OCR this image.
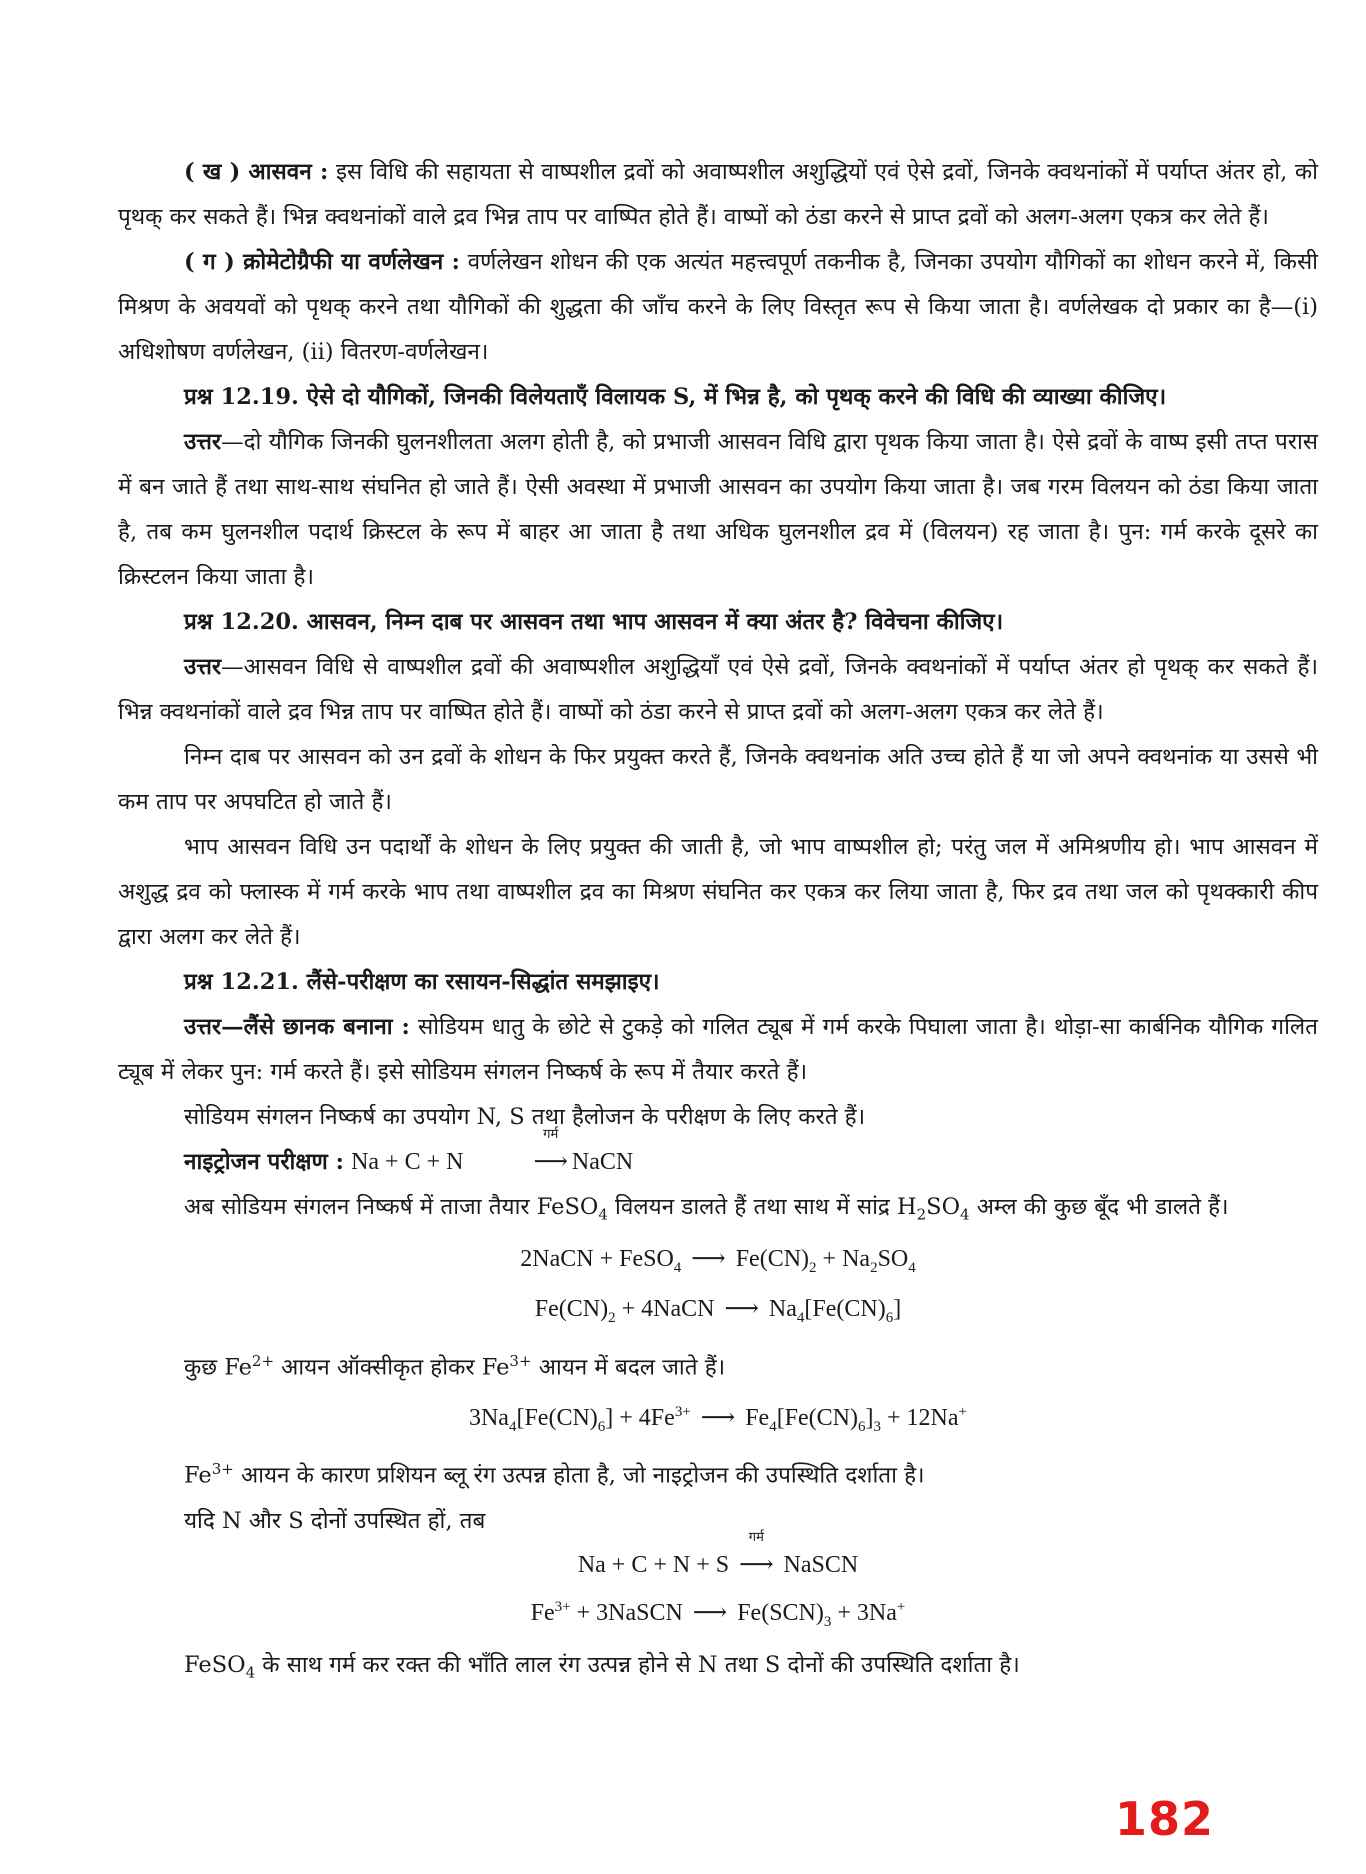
( ख ) आसवन : इस विधि की सहायता से वाष्पशील द्रवों को अवाष्पशील अशुद्धियों एवं ऐसे द्रवों, जिनके क्वथनांकों में पर्याप्त अंतर हो, को पृथक् कर सकते हैं। भिन्न क्वथनांकों वाले द्रव भिन्न ताप पर वाष्पित होते हैं। वाष्पों को ठंडा करने से प्राप्त द्रवों को अलग-अलग एकत्र कर लेते हैं।

( ग ) क्रोमेटोग्रैफी या वर्णलेखन : वर्णलेखन शोधन की एक अत्यंत महत्त्वपूर्ण तकनीक है, जिनका उपयोग यौगिकों का शोधन करने में, किसी मिश्रण के अवयवों को पृथक् करने तथा यौगिकों की शुद्धता की जाँच करने के लिए विस्तृत रूप से किया जाता है। वर्णलेखक दो प्रकार का है—(i) अधिशोषण वर्णलेखन, (ii) वितरण-वर्णलेखन।

प्रश्न 12.19. ऐसे दो यौगिकों, जिनकी विलेयताएँ विलायक S, में भिन्न है, को पृथक् करने की विधि की व्याख्या कीजिए।

उत्तर—दो यौगिक जिनकी घुलनशीलता अलग होती है, को प्रभाजी आसवन विधि द्वारा पृथक किया जाता है। ऐसे द्रवों के वाष्प इसी तप्त परास में बन जाते हैं तथा साथ-साथ संघनित हो जाते हैं। ऐसी अवस्था में प्रभाजी आसवन का उपयोग किया जाता है। जब गरम विलयन को ठंडा किया जाता है, तब कम घुलनशील पदार्थ क्रिस्टल के रूप में बाहर आ जाता है तथा अधिक घुलनशील द्रव में (विलयन) रह जाता है। पुन: गर्म करके दूसरे का क्रिस्टलन किया जाता है।

प्रश्न 12.20. आसवन, निम्न दाब पर आसवन तथा भाप आसवन में क्या अंतर है? विवेचना कीजिए।

उत्तर—आसवन विधि से वाष्पशील द्रवों की अवाष्पशील अशुद्धियाँ एवं ऐसे द्रवों, जिनके क्वथनांकों में पर्याप्त अंतर हो पृथक् कर सकते हैं। भिन्न क्वथनांकों वाले द्रव भिन्न ताप पर वाष्पित होते हैं। वाष्पों को ठंडा करने से प्राप्त द्रवों को अलग-अलग एकत्र कर लेते हैं।

निम्न दाब पर आसवन को उन द्रवों के शोधन के फिर प्रयुक्त करते हैं, जिनके क्वथनांक अति उच्च होते हैं या जो अपने क्वथनांक या उससे भी कम ताप पर अपघटित हो जाते हैं।

भाप आसवन विधि उन पदार्थों के शोधन के लिए प्रयुक्त की जाती है, जो भाप वाष्पशील हो; परंतु जल में अमिश्रणीय हो। भाप आसवन में अशुद्ध द्रव को फ्लास्क में गर्म करके भाप तथा वाष्पशील द्रव का मिश्रण संघनित कर एकत्र कर लिया जाता है, फिर द्रव तथा जल को पृथक्कारी कीप द्वारा अलग कर लेते हैं।

प्रश्न 12.21. लैंसे-परीक्षण का रसायन-सिद्धांत समझाइए।

उत्तर—लैंसे छानक बनाना : सोडियम धातु के छोटे से टुकड़े को गलित ट्यूब में गर्म करके पिघाला जाता है। थोड़ा-सा कार्बनिक यौगिक गलित ट्यूब में लेकर पुन: गर्म करते हैं। इसे सोडियम संगलन निष्कर्ष के रूप में तैयार करते हैं।

सोडियम संगलन निष्कर्ष का उपयोग N, S तथा हैलोजन के परीक्षण के लिए करते हैं।

नाइट्रोजन परीक्षण : Na + C + N
गर्म
⟶ NaCN

अब सोडियम संगलन निष्कर्ष में ताजा तैयार FeSO$_4$ विलयन डालते हैं तथा साथ में सांद्र $H_2SO_4$ अम्ल की कुछ बूँद भी डालते हैं।

2NaCN + FeSO$_4$ ⟶ $Fe(CN)_2 + Na_2SO_4$

$Fe(CN)_2$ + 4NaCN ⟶ $Na_4[Fe(CN)_6]$

कुछ $Fe^{2+}$ आयन ऑक्सीकृत होकर $Fe^{3+}$ आयन में बदल जाते हैं।

$3Na_4[Fe(CN)_6] + 4Fe^{3+}$ ⟶ $Fe_4[Fe(CN)_6]_3 + 12Na^+$

$Fe^{3+}$ आयन के कारण प्रशियन ब्लू रंग उत्पन्न होता है, जो नाइट्रोजन की उपस्थिति दर्शाता है।

यदि N और S दोनों उपस्थित हों, तब

Na + C + N + S
गर्म
⟶ NaSCN

$Fe^{3+}$ + 3NaSCN ⟶ $Fe(SCN)_3 + 3Na^+$

FeSO$_4$ के साथ गर्म कर रक्त की भाँति लाल रंग उत्पन्न होने से N तथा S दोनों की उपस्थिति दर्शाता है।

182
